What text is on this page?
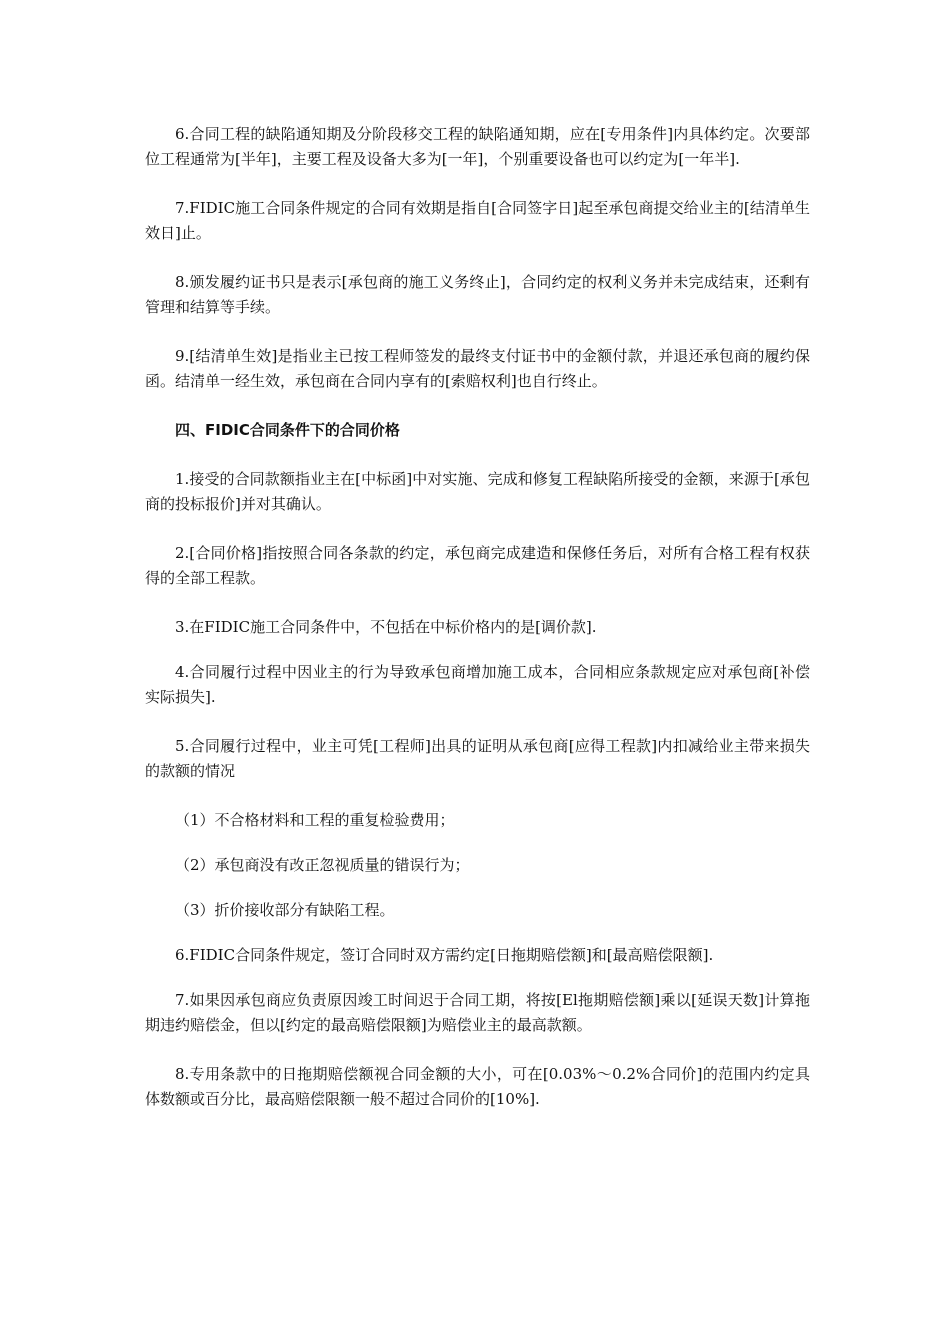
6.合同工程的缺陷通知期及分阶段移交工程的缺陷通知期，应在[专用条件]内具体约定。次要部位工程通常为[半年]，主要工程及设备大多为[一年]，个别重要设备也可以约定为[一年半].

7.FIDIC施工合同条件规定的合同有效期是指自[合同签字日]起至承包商提交给业主的[结清单生效日]止。

8.颁发履约证书只是表示[承包商的施工义务终止]，合同约定的权利义务并未完成结束，还剩有管理和结算等手续。

9.[结清单生效]是指业主已按工程师签发的最终支付证书中的金额付款，并退还承包商的履约保函。结清单一经生效，承包商在合同内享有的[索赔权利]也自行终止。

四、FIDIC合同条件下的合同价格

1.接受的合同款额指业主在[中标函]中对实施、完成和修复工程缺陷所接受的金额，来源于[承包商的投标报价]并对其确认。

2.[合同价格]指按照合同各条款的约定，承包商完成建造和保修任务后，对所有合格工程有权获得的全部工程款。

3.在FIDIC施工合同条件中，不包括在中标价格内的是[调价款].

4.合同履行过程中因业主的行为导致承包商增加施工成本，合同相应条款规定应对承包商[补偿实际损失].

5.合同履行过程中，业主可凭[工程师]出具的证明从承包商[应得工程款]内扣减给业主带来损失的款额的情况

（1）不合格材料和工程的重复检验费用；

（2）承包商没有改正忽视质量的错误行为；

（3）折价接收部分有缺陷工程。

6.FIDIC合同条件规定，签订合同时双方需约定[日拖期赔偿额]和[最高赔偿限额].

7.如果因承包商应负责原因竣工时间迟于合同工期，将按[El拖期赔偿额]乘以[延误天数]计算拖期违约赔偿金，但以[约定的最高赔偿限额]为赔偿业主的最高款额。

8.专用条款中的日拖期赔偿额视合同金额的大小，可在[0.03%～0.2%合同价]的范围内约定具体数额或百分比，最高赔偿限额一般不超过合同价的[10%].
